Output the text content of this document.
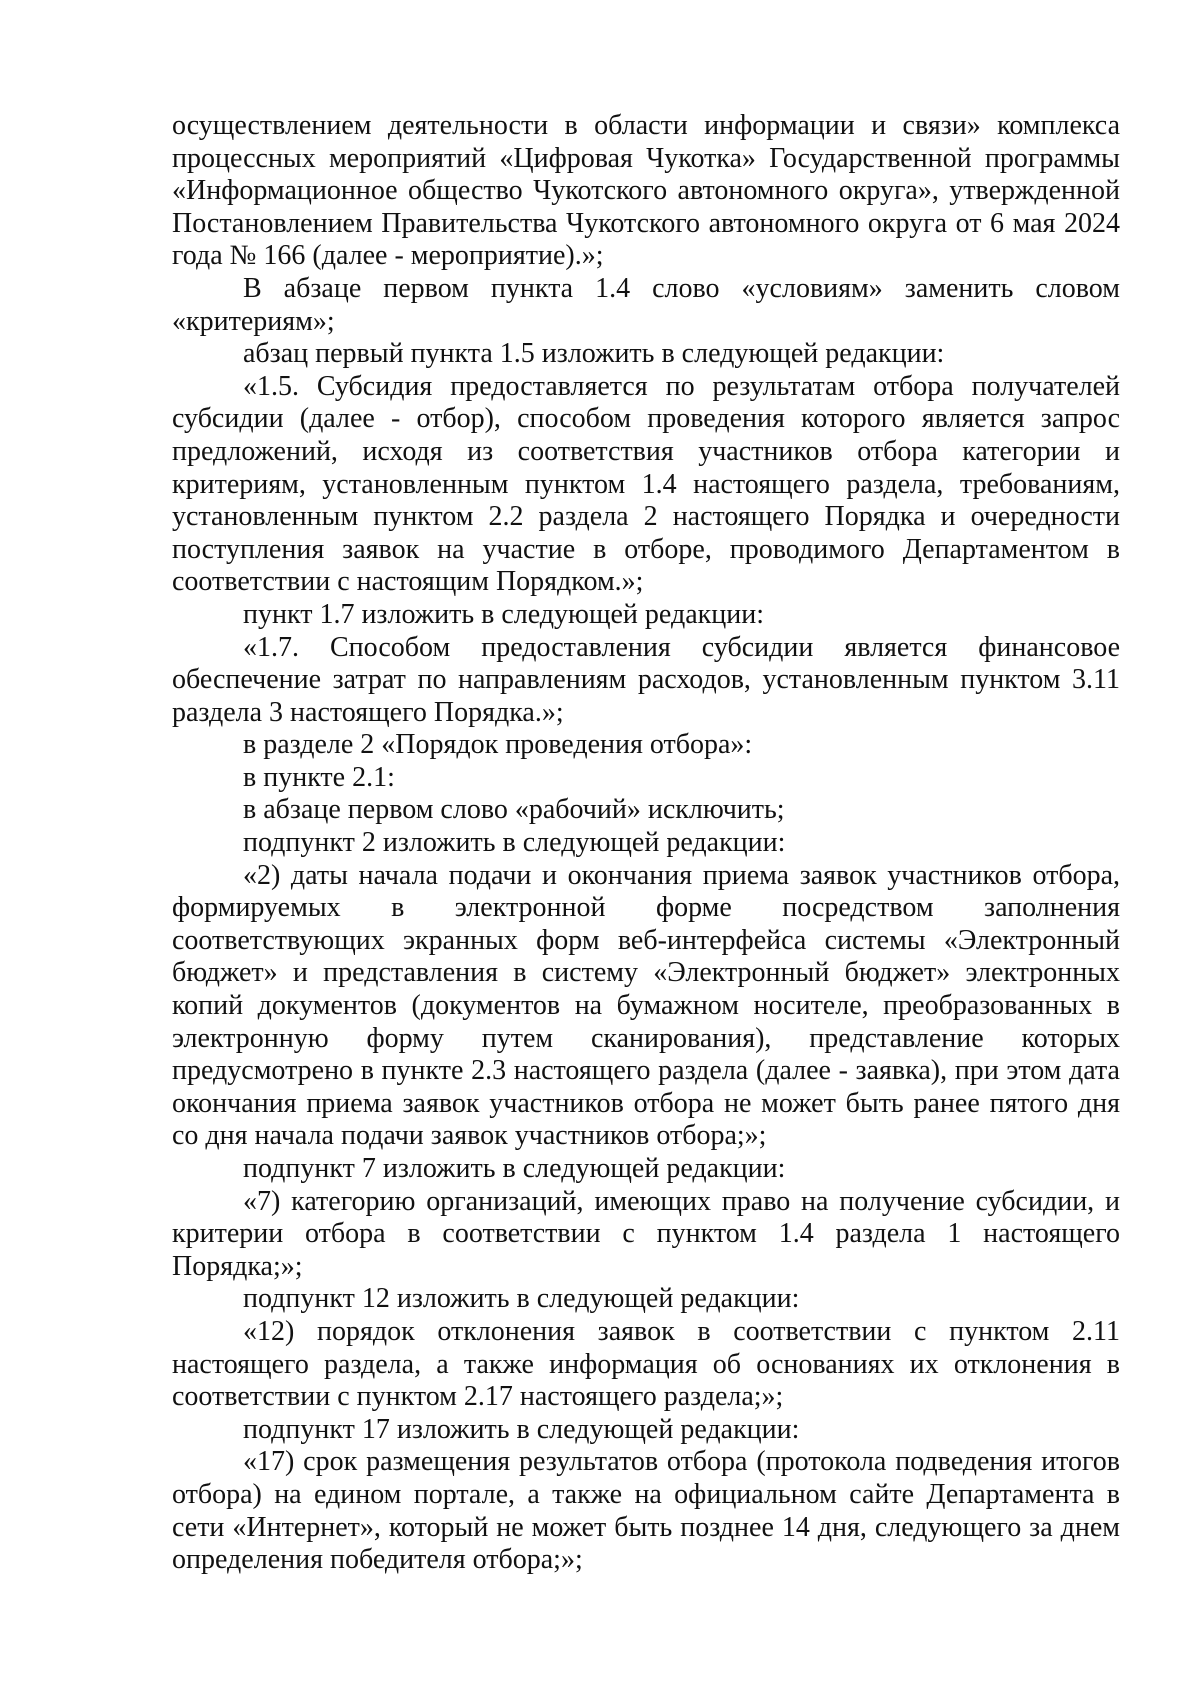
осуществлением деятельности в области информации и связи» комплекса процессных мероприятий «Цифровая Чукотка» Государственной программы «Информационное общество Чукотского автономного округа», утвержденной Постановлением Правительства Чукотского автономного округа от 6 мая 2024 года № 166 (далее - мероприятие).»;

В абзаце первом пункта 1.4 слово «условиям» заменить словом «критериям»;

абзац первый пункта 1.5 изложить в следующей редакции:

«1.5. Субсидия предоставляется по результатам отбора получателей субсидии (далее - отбор), способом проведения которого является запрос предложений, исходя из соответствия участников отбора категории и критериям, установленным пунктом 1.4 настоящего раздела, требованиям, установленным пунктом 2.2 раздела 2 настоящего Порядка и очередности поступления заявок на участие в отборе, проводимого Департаментом в соответствии с настоящим Порядком.»;

пункт 1.7 изложить в следующей редакции:

«1.7. Способом предоставления субсидии является финансовое обеспечение затрат по направлениям расходов, установленным пунктом 3.11 раздела 3 настоящего Порядка.»;

в разделе 2 «Порядок проведения отбора»:

в пункте 2.1:

в абзаце первом слово «рабочий» исключить;

подпункт 2 изложить в следующей редакции:

«2) даты начала подачи и окончания приема заявок участников отбора, формируемых в электронной форме посредством заполнения соответствующих экранных форм веб-интерфейса системы «Электронный бюджет» и представления в систему «Электронный бюджет» электронных копий документов (документов на бумажном носителе, преобразованных в электронную форму путем сканирования), представление которых предусмотрено в пункте 2.3 настоящего раздела (далее - заявка), при этом дата окончания приема заявок участников отбора не может быть ранее пятого дня со дня начала подачи заявок участников отбора;»;

подпункт 7 изложить в следующей редакции:

«7) категорию организаций, имеющих право на получение субсидии, и критерии отбора в соответствии с пунктом 1.4 раздела 1 настоящего Порядка;»;

подпункт 12 изложить в следующей редакции:

«12) порядок отклонения заявок в соответствии с пунктом 2.11 настоящего раздела, а также информация об основаниях их отклонения в соответствии с пунктом 2.17 настоящего раздела;»;

подпункт 17 изложить в следующей редакции:

«17) срок размещения результатов отбора (протокола подведения итогов отбора) на едином портале, а также на официальном сайте Департамента в сети «Интернет», который не может быть позднее 14 дня, следующего за днем определения победителя отбора;»;
